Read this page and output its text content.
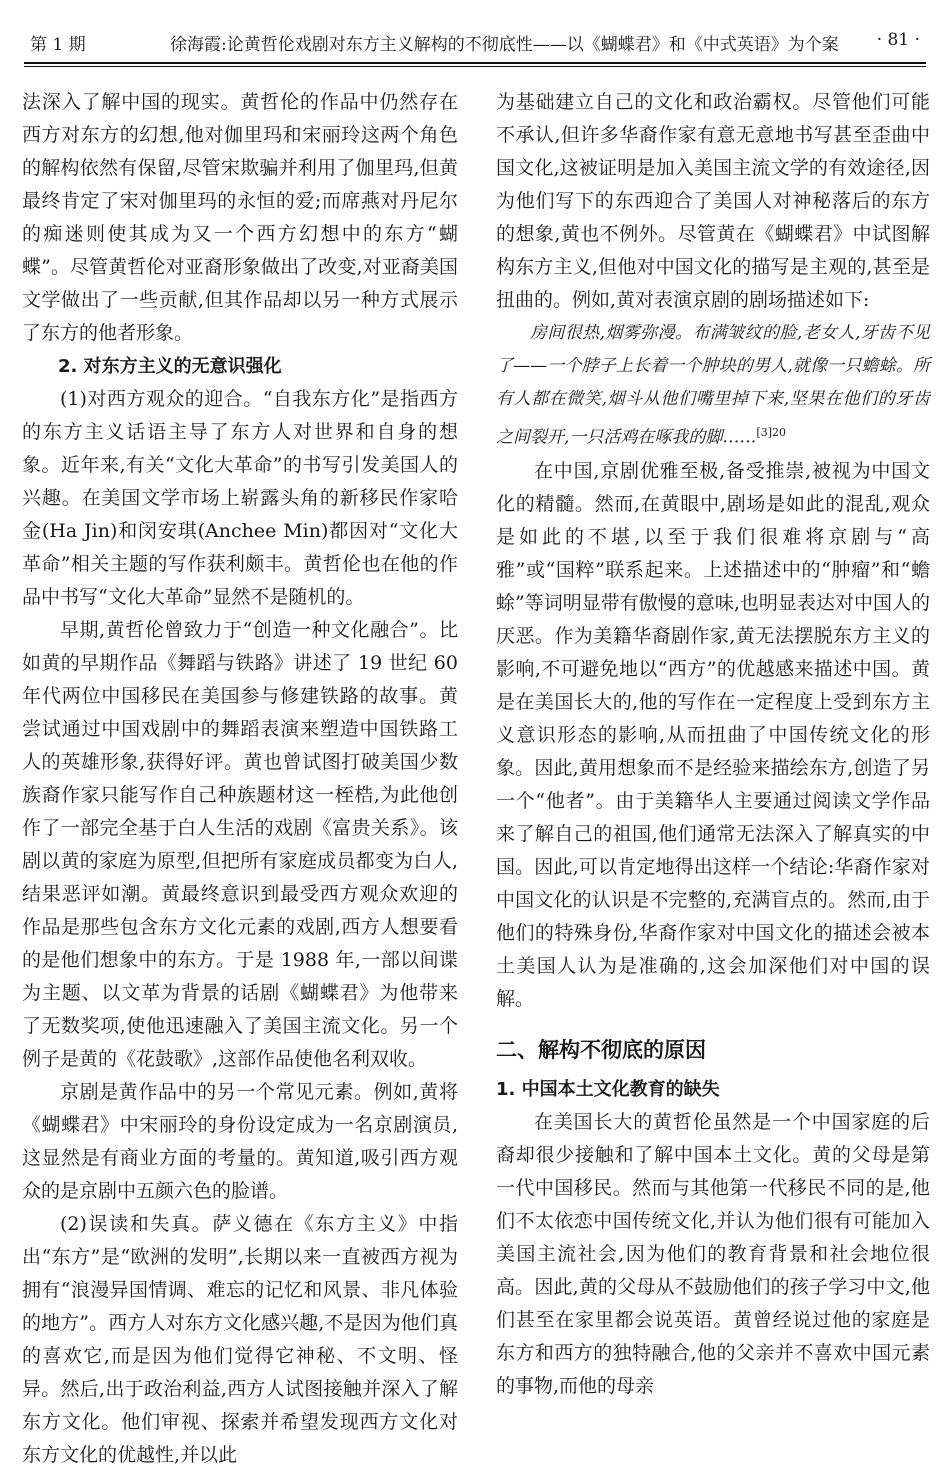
第 1 期	徐海霞:论黄哲伦戏剧对东方主义解构的不彻底性——以《蝴蝶君》和《中式英语》为个案 · 81 ·

法深入了解中国的现实。黄哲伦的作品中仍然存在西方对东方的幻想,他对伽里玛和宋丽玲这两个角色的解构依然有保留,尽管宋欺骗并利用了伽里玛,但黄最终肯定了宋对伽里玛的永恒的爱;而席燕对丹尼尔的痴迷则使其成为又一个西方幻想中的东方“蝴蝶”。尽管黄哲伦对亚裔形象做出了改变,对亚裔美国文学做出了一些贡献,但其作品却以另一种方式展示了东方的他者形象。

2. 对东方主义的无意识强化

(1)对西方观众的迎合。“自我东方化”是指西方的东方主义话语主导了东方人对世界和自身的想象。近年来,有关“文化大革命”的书写引发美国人的兴趣。在美国文学市场上崭露头角的新移民作家哈金(Ha Jin)和闵安琪(Anchee Min)都因对“文化大革命”相关主题的写作获利颇丰。黄哲伦也在他的作品中书写“文化大革命”显然不是随机的。

早期,黄哲伦曾致力于“创造一种文化融合”。比如黄的早期作品《舞蹈与铁路》讲述了 19 世纪 60 年代两位中国移民在美国参与修建铁路的故事。黄尝试通过中国戏剧中的舞蹈表演来塑造中国铁路工人的英雄形象,获得好评。黄也曾试图打破美国少数族裔作家只能写作自己种族题材这一桎梏,为此他创作了一部完全基于白人生活的戏剧《富贵关系》。该剧以黄的家庭为原型,但把所有家庭成员都变为白人,结果恶评如潮。黄最终意识到最受西方观众欢迎的作品是那些包含东方文化元素的戏剧,西方人想要看的是他们想象中的东方。于是 1988 年,一部以间谍为主题、以文革为背景的话剧《蝴蝶君》为他带来了无数奖项,使他迅速融入了美国主流文化。另一个例子是黄的《花鼓歌》,这部作品使他名利双收。

京剧是黄作品中的另一个常见元素。例如,黄将《蝴蝶君》中宋丽玲的身份设定成为一名京剧演员,这显然是有商业方面的考量的。黄知道,吸引西方观众的是京剧中五颜六色的脸谱。

(2)误读和失真。萨义德在《东方主义》中指出“东方”是“欧洲的发明”,长期以来一直被西方视为拥有“浪漫异国情调、难忘的记忆和风景、非凡体验的地方”。西方人对东方文化感兴趣,不是因为他们真的喜欢它,而是因为他们觉得它神秘、不文明、怪异。然后,出于政治利益,西方人试图接触并深入了解东方文化。他们审视、探索并希望发现西方文化对东方文化的优越性,并以此

为基础建立自己的文化和政治霸权。尽管他们可能不承认,但许多华裔作家有意无意地书写甚至歪曲中国文化,这被证明是加入美国主流文学的有效途径,因为他们写下的东西迎合了美国人对神秘落后的东方的想象,黄也不例外。尽管黄在《蝴蝶君》中试图解构东方主义,但他对中国文化的描写是主观的,甚至是扭曲的。例如,黄对表演京剧的剧场描述如下:

房间很热,烟雾弥漫。布满皱纹的脸,老女人,牙齿不见了——一个脖子上长着一个肿块的男人,就像一只蟾蜍。所有人都在微笑,烟斗从他们嘴里掉下来,坚果在他们的牙齿之间裂开,一只活鸡在啄我的脚……$^{[3]20}$

在中国,京剧优雅至极,备受推崇,被视为中国文化的精髓。然而,在黄眼中,剧场是如此的混乱,观众是如此的不堪,以至于我们很难将京剧与“高雅”或“国粹”联系起来。上述描述中的“肿瘤”和“蟾蜍”等词明显带有傲慢的意味,也明显表达对中国人的厌恶。作为美籍华裔剧作家,黄无法摆脱东方主义的影响,不可避免地以“西方”的优越感来描述中国。黄是在美国长大的,他的写作在一定程度上受到东方主义意识形态的影响,从而扭曲了中国传统文化的形象。因此,黄用想象而不是经验来描绘东方,创造了另一个“他者”。由于美籍华人主要通过阅读文学作品来了解自己的祖国,他们通常无法深入了解真实的中国。因此,可以肯定地得出这样一个结论:华裔作家对中国文化的认识是不完整的,充满盲点的。然而,由于他们的特殊身份,华裔作家对中国文化的描述会被本土美国人认为是准确的,这会加深他们对中国的误解。

二、解构不彻底的原因

1. 中国本土文化教育的缺失

在美国长大的黄哲伦虽然是一个中国家庭的后裔却很少接触和了解中国本土文化。黄的父母是第一代中国移民。然而与其他第一代移民不同的是,他们不太依恋中国传统文化,并认为他们很有可能加入美国主流社会,因为他们的教育背景和社会地位很高。因此,黄的父母从不鼓励他们的孩子学习中文,他们甚至在家里都会说英语。黄曾经说过他的家庭是东方和西方的独特融合,他的父亲并不喜欢中国元素的事物,而他的母亲
